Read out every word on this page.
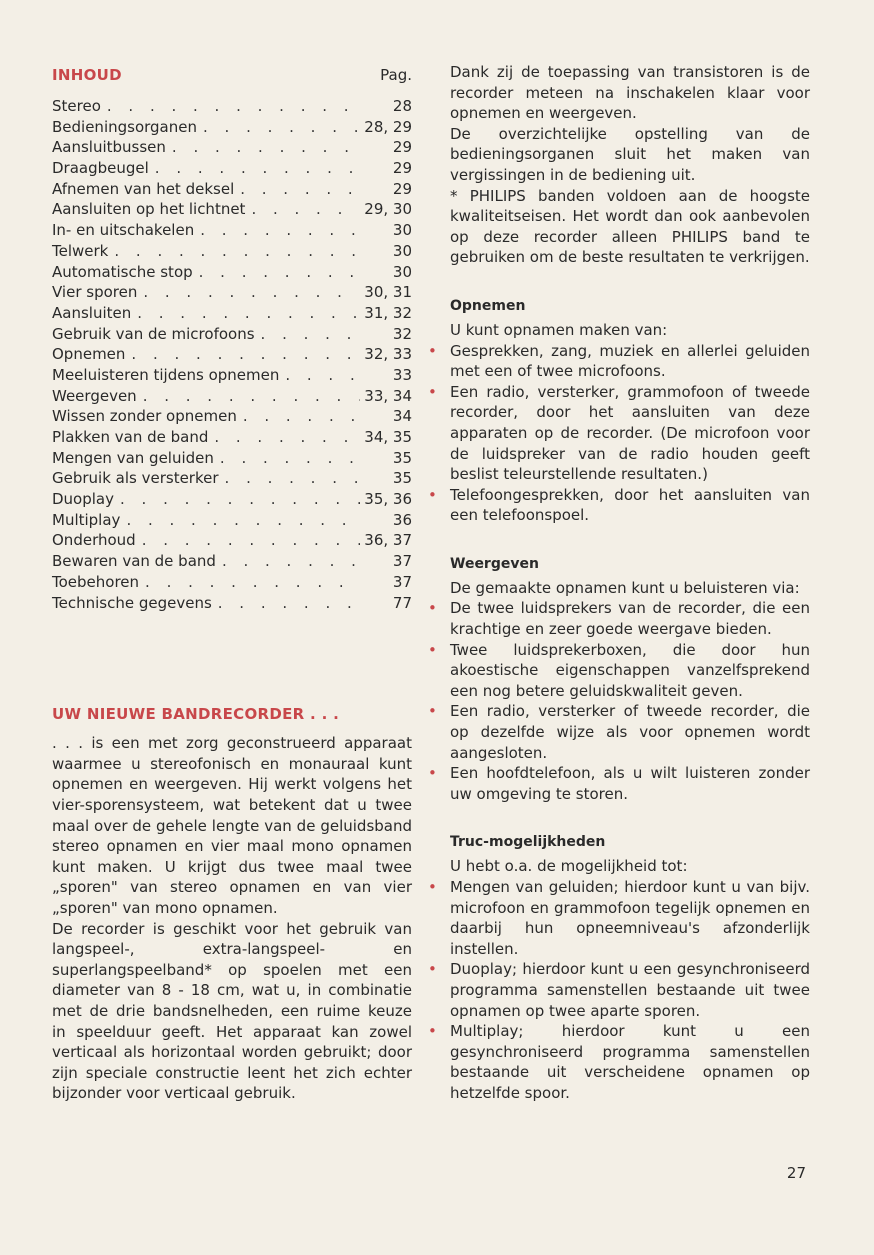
INHOUD	Pag.
Stereo . . .	28
Bedieningsorganen . . .	28, 29
Aansluitbussen . . .	29
Draagbeugel . . .	29
Afnemen van het deksel . . .	29
Aansluiten op het lichtnet . . .	29, 30
In- en uitschakelen . . .	30
Telwerk . . .	30
Automatische stop . . .	30
Vier sporen . . .	30, 31
Aansluiten . . .	31, 32
Gebruik van de microfoons . . .	32
Opnemen . . .	32, 33
Meeluisteren tijdens opnemen . . .	33
Weergeven . . .	33, 34
Wissen zonder opnemen . . .	34
Plakken van de band . . .	34, 35
Mengen van geluiden . . .	35
Gebruik als versterker . . .	35
Duoplay . . .	35, 36
Multiplay . . .	36
Onderhoud . . .	36, 37
Bewaren van de band . . .	37
Toebehoren . . .	37
Technische gegevens . . .	77
UW NIEUWE BANDRECORDER . . .

. . . is een met zorg geconstrueerd apparaat waarmee u stereofonisch en monauraal kunt opnemen en weergeven. Hij werkt volgens het vier-sporensysteem, wat betekent dat u twee maal over de gehele lengte van de geluidsband stereo opnamen en vier maal mono opnamen kunt maken. U krijgt dus twee maal twee „sporen" van stereo opnamen en van vier „sporen" van mono opnamen.

De recorder is geschikt voor het gebruik van langspeel-, extra-langspeel- en superlangspeelband* op spoelen met een diameter van 8 - 18 cm, wat u, in combinatie met de drie bandsnelheden, een ruime keuze in speelduur geeft. Het apparaat kan zowel verticaal als horizontaal worden gebruikt; door zijn speciale constructie leent het zich echter bijzonder voor verticaal gebruik.

Dank zij de toepassing van transistoren is de recorder meteen na inschakelen klaar voor opnemen en weergeven.

De overzichtelijke opstelling van de bedieningsorganen sluit het maken van vergissingen in de bediening uit.

* PHILIPS banden voldoen aan de hoogste kwaliteitseisen. Het wordt dan ook aanbevolen op deze recorder alleen PHILIPS band te gebruiken om de beste resultaten te verkrijgen.

Opnemen

U kunt opnamen maken van:

• Gesprekken, zang, muziek en allerlei geluiden met een of twee microfoons.
• Een radio, versterker, grammofoon of tweede recorder, door het aansluiten van deze apparaten op de recorder. (De microfoon voor de luidspreker van de radio houden geeft beslist teleurstellende resultaten.)
• Telefoongesprekken, door het aansluiten van een telefoonspoel.
Weergeven

De gemaakte opnamen kunt u beluisteren via:

• De twee luidsprekers van de recorder, die een krachtige en zeer goede weergave bieden.
• Twee luidsprekerboxen, die door hun akoestische eigenschappen vanzelfsprekend een nog betere geluidskwaliteit geven.
• Een radio, versterker of tweede recorder, die op dezelfde wijze als voor opnemen wordt aangesloten.
• Een hoofdtelefoon, als u wilt luisteren zonder uw omgeving te storen.
Truc-mogelijkheden

U hebt o.a. de mogelijkheid tot:

• Mengen van geluiden; hierdoor kunt u van bijv. microfoon en grammofoon tegelijk opnemen en daarbij hun opneemniveau's afzonderlijk instellen.
• Duoplay; hierdoor kunt u een gesynchroniseerd programma samenstellen bestaande uit twee opnamen op twee aparte sporen.
• Multiplay; hierdoor kunt u een gesynchroniseerd programma samenstellen bestaande uit verscheidene opnamen op hetzelfde spoor.
27
